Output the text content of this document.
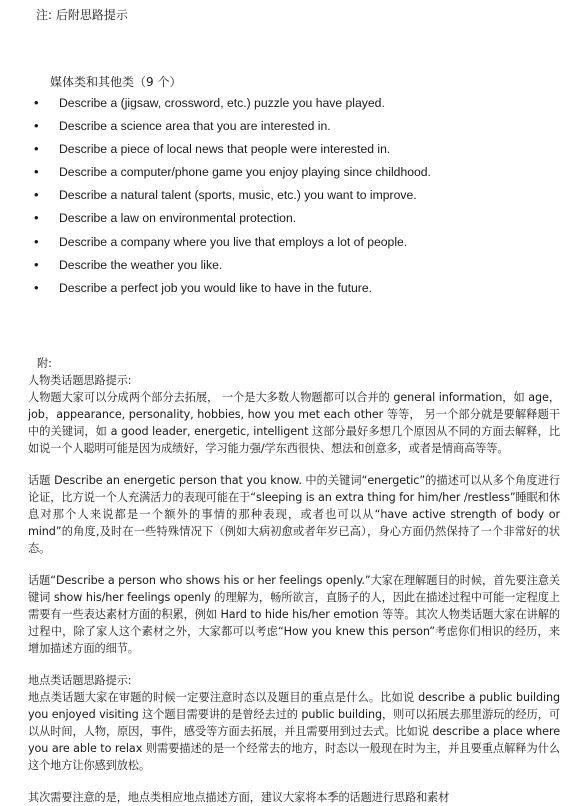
注: 后附思路提示
媒体类和其他类（9 个）
• Describe a (jigsaw, crossword, etc.) puzzle you have played.
• Describe a science area that you are interested in.
• Describe a piece of local news that people were interested in.
• Describe a computer/phone game you enjoy playing since childhood.
• Describe a natural talent (sports, music, etc.) you want to improve.
• Describe a law on environmental protection.
• Describe a company where you live that employs a lot of people.
• Describe the weather you like.
• Describe a perfect job you would like to have in the future.

附:

人物类话题思路提示:

人物题大家可以分成两个部分去拓展， 一个是大多数人物题都可以合并的 general information，如 age，job，appearance, personality, hobbies, how you met each other 等等， 另一个部分就是要解释题干中的关键词，如 a good leader, energetic, intelligent 这部分最好多想几个原因从不同的方面去解释，比如说一个人聪明可能是因为成绩好，学习能力强/学东西很快、想法和创意多，或者是情商高等等。

话题 Describe an energetic person that you know. 中的关键词“energetic”的描述可以从多个角度进行论证，比方说一个人充满活力的表现可能在于“sleeping is an extra thing for him/her /restless”睡眠和休息对那个人来说都是一个额外的事情的那种表现，或者也可以从“have active strength of body or mind”的角度,及时在一些特殊情况下（例如大病初愈或者年岁已高），身心方面仍然保持了一个非常好的状态。

话题“Describe a person who shows his or her feelings openly.”大家在理解题目的时候，首先要注意关键词 show his/her feelings openly 的理解为，畅所欲言，直肠子的人，因此在描述过程中可能一定程度上需要有一些表达素材方面的积累，例如 Hard to hide his/her emotion 等等。其次人物类话题大家在讲解的过程中，除了家人这个素材之外，大家都可以考虑“How you knew this person”考虑你们相识的经历，来增加描述方面的细节。

地点类话题思路提示:

地点类话题大家在审题的时候一定要注意时态以及题目的重点是什么。比如说 describe a public building you enjoyed visiting 这个题目需要讲的是曾经去过的 public building，则可以拓展去那里游玩的经历，可以从时间，人物，原因，事件，感受等方面去拓展，并且需要用到过去式。比如说 describe a place where you are able to relax 则需要描述的是一个经常去的地方，时态以一般现在时为主，并且要重点解释为什么这个地方让你感到放松。

其次需要注意的是，地点类相应地点描述方面，建议大家将本季的话题进行思路和素材
